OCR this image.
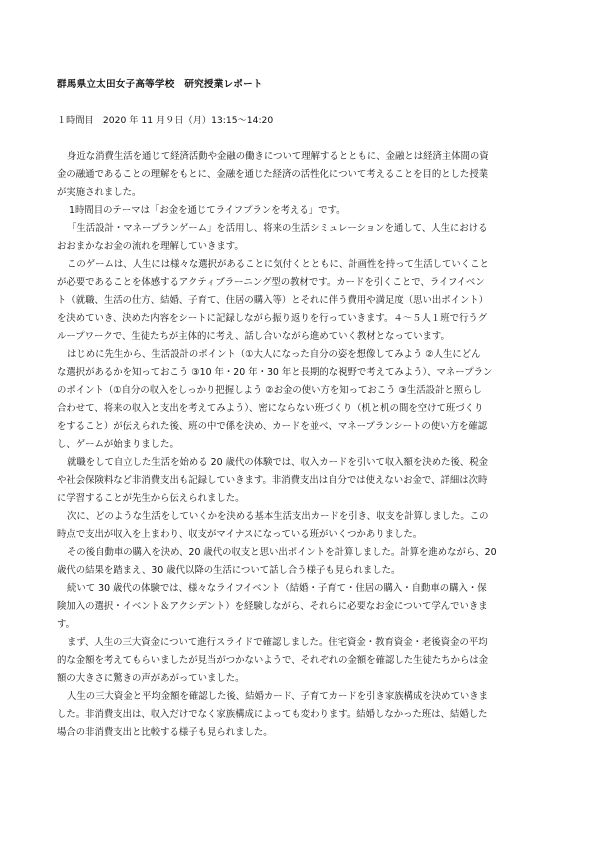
群馬県立太田女子高等学校　研究授業レポート
１時間目　2020 年 11 月９日（月）13:15～14:20
身近な消費生活を通じて経済活動や金融の働きについて理解するとともに、金融とは経済主体間の資
金の融通であることの理解をもとに、金融を通じた経済の活性化について考えることを目的とした授業
が実施されました。
1時間目のテーマは「お金を通じてライフプランを考える」です。
「生活設計・マネープランゲーム」を活用し、将来の生活シミュレーションを通して、人生における
おおまかなお金の流れを理解していきます。
このゲームは、人生には様々な選択があることに気付くとともに、計画性を持って生活していくこと
が必要であることを体感するアクティブラーニング型の教材です。カードを引くことで、ライフイベン
ト（就職、生活の仕方、結婚、子育て、住居の購入等）とそれに伴う費用や満足度（思い出ポイント）
を決めていき、決めた内容をシートに記録しながら振り返りを行っていきます。４～５人１班で行うグ
ループワークで、生徒たちが主体的に考え、話し合いながら進めていく教材となっています。
はじめに先生から、生活設計のポイント（①大人になった自分の姿を想像してみよう ②人生にどん
な選択があるかを知っておこう ③10 年・20 年・30 年と長期的な視野で考えてみよう）、マネープラン
のポイント（①自分の収入をしっかり把握しよう ②お金の使い方を知っておこう ③生活設計と照らし
合わせて、将来の収入と支出を考えてみよう）、密にならない班づくり（机と机の間を空けて班づくり
をすること）が伝えられた後、班の中で係を決め、カードを並べ、マネープランシートの使い方を確認
し、ゲームが始まりました。
就職をして自立した生活を始める 20 歳代の体験では、収入カードを引いて収入額を決めた後、税金
や社会保険料など非消費支出も記録していきます。非消費支出は自分では使えないお金で、詳細は次時
に学習することが先生から伝えられました。
次に、どのような生活をしていくかを決める基本生活支出カードを引き、収支を計算しました。この
時点で支出が収入を上まわり、収支がマイナスになっている班がいくつかありました。
その後自動車の購入を決め、20 歳代の収支と思い出ポイントを計算しました。計算を進めながら、20
歳代の結果を踏まえ、30 歳代以降の生活について話し合う様子も見られました。
続いて 30 歳代の体験では、様々なライフイベント（結婚・子育て・住居の購入・自動車の購入・保
険加入の選択・イベント＆アクシデント）を経験しながら、それらに必要なお金について学んでいきま
す。
まず、人生の三大資金について進行スライドで確認しました。住宅資金・教育資金・老後資金の平均
的な金額を考えてもらいましたが見当がつかないようで、それぞれの金額を確認した生徒たちからは金
額の大きさに驚きの声があがっていました。
人生の三大資金と平均金額を確認した後、結婚カード、子育てカードを引き家族構成を決めていきま
した。非消費支出は、収入だけでなく家族構成によっても変わります。結婚しなかった班は、結婚した
場合の非消費支出と比較する様子も見られました。
